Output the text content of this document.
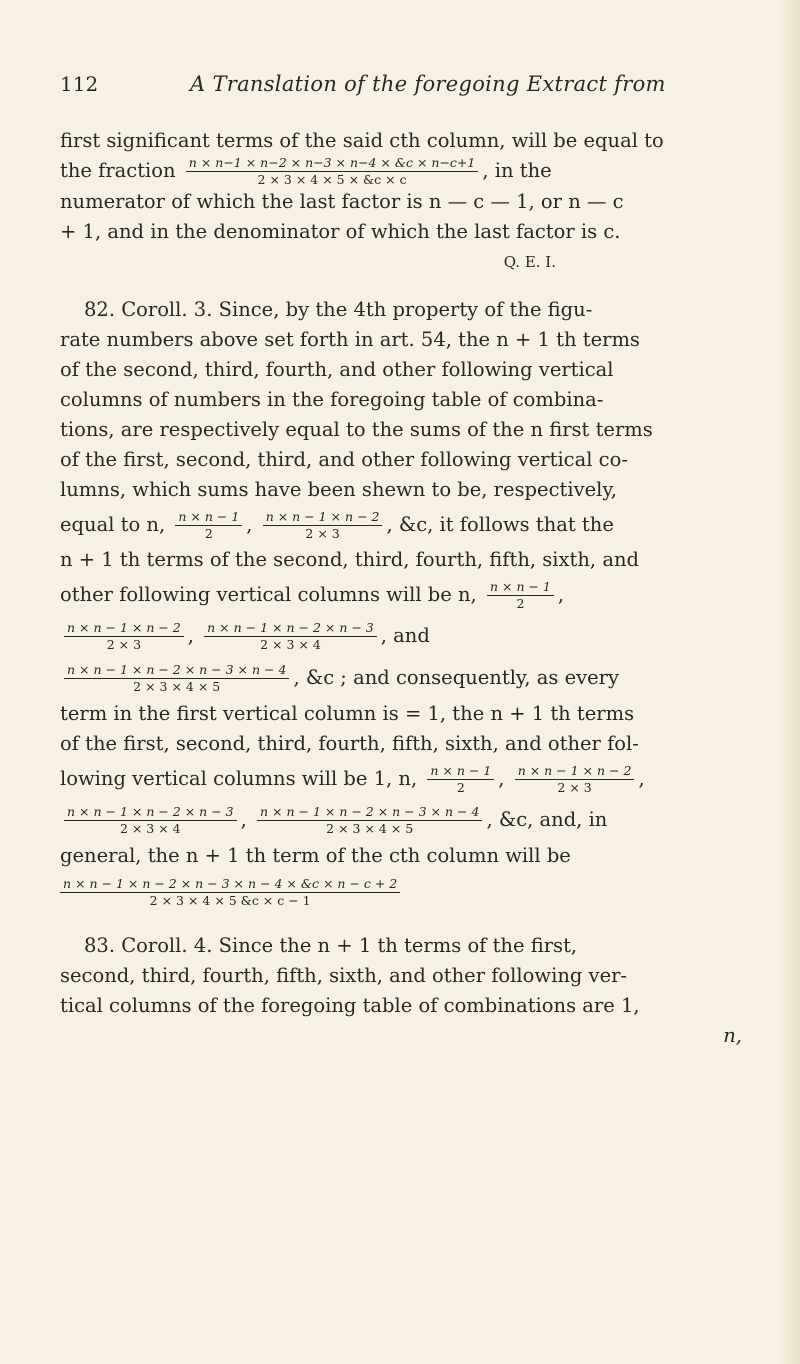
112	A Translation of the foregoing Extract from

first significant terms of the said cth column, will be equal to
the fraction $\frac{n \times n-1 \times n-2 \times n-3 \times n-4 \times \&c \times n-c+1}{2 \times 3 \times 4 \times 5 \times \&c \times c}$ , in the
numerator of which the last factor is n — c — 1, or n — c
+ 1, and in the denominator of which the last factor is c.
Q. E. I.

82. Coroll. 3. Since, by the 4th property of the figu-
rate numbers above set forth in art. 54, the n + 1 th terms
of the second, third, fourth, and other following vertical
columns of numbers in the foregoing table of combina-
tions, are respectively equal to the sums of the n first terms
of the first, second, third, and other following vertical co-
lumns, which sums have been shewn to be, respectively,
equal to n, $\frac{n \times n - 1}{2}$ , $\frac{n \times n - 1 \times n - 2}{2 \times 3}$ , &c, it follows that the
n + 1 th terms of the second, third, fourth, fifth, sixth, and
other following vertical columns will be n, $\frac{n \times n - 1}{2}$ ,
$\frac{n \times n - 1 \times n - 2}{2 \times 3}$ , $\frac{n \times n - 1 \times n - 2 \times n - 3}{2 \times 3 \times 4}$ , and
$\frac{n \times n - 1 \times n - 2 \times n - 3 \times n - 4}{2 \times 3 \times 4 \times 5}$ , &c ; and consequently, as every
term in the first vertical column is = 1, the n + 1 th terms
of the first, second, third, fourth, fifth, sixth, and other fol-
lowing vertical columns will be 1, n, $\frac{n \times n - 1}{2}$ , $\frac{n \times n - 1 \times n - 2}{2 \times 3}$ ,
$\frac{n \times n - 1 \times n - 2 \times n - 3}{2 \times 3 \times 4}$ , $\frac{n \times n - 1 \times n - 2 \times n - 3 \times n - 4}{2 \times 3 \times 4 \times 5}$ , &c, and, in
general, the n + 1 th term of the cth column will be
$\frac{n \times n - 1 \times n - 2 \times n - 3 \times n - 4 \times \&c \times n - c + 2}{2 \times 3 \times 4 \times 5 \&c \times c - 1}$

83. Coroll. 4. Since the n + 1 th terms of the first,
second, third, fourth, fifth, sixth, and other following ver-
tical columns of the foregoing table of combinations are 1,
n,
